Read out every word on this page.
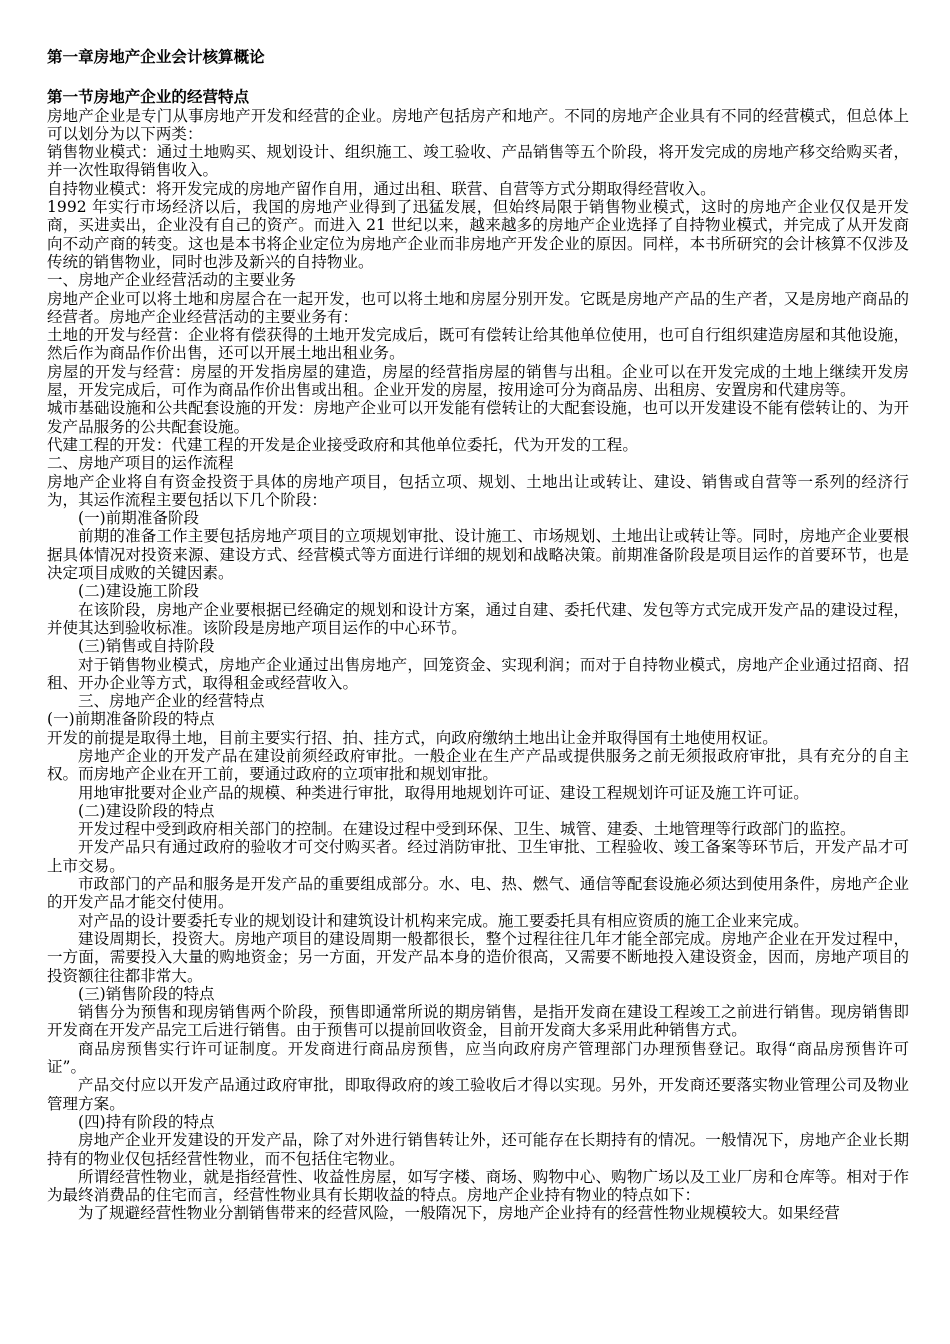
第一章房地产企业会计核算概论
第一节房地产企业的经营特点

房地产企业是专门从事房地产开发和经营的企业。房地产包括房产和地产。不同的房地产企业具有不同的经营模式，但总体上可以划分为以下两类：

销售物业模式：通过土地购买、规划设计、组织施工、竣工验收、产品销售等五个阶段，将开发完成的房地产移交给购买者，并一次性取得销售收入。

自持物业模式：将开发完成的房地产留作自用，通过出租、联营、自营等方式分期取得经营收入。

1992 年实行市场经济以后，我国的房地产业得到了迅猛发展，但始终局限于销售物业模式，这时的房地产企业仅仅是开发商，买进卖出，企业没有自己的资产。而进入 21 世纪以来，越来越多的房地产企业选择了自持物业模式，并完成了从开发商向不动产商的转变。这也是本书将企业定位为房地产企业而非房地产开发企业的原因。同样，本书所研究的会计核算不仅涉及传统的销售物业，同时也涉及新兴的自持物业。

一、房地产企业经营活动的主要业务

房地产企业可以将土地和房屋合在一起开发，也可以将土地和房屋分别开发。它既是房地产产品的生产者，又是房地产商品的经营者。房地产企业经营活动的主要业务有：

土地的开发与经营：企业将有偿获得的土地开发完成后，既可有偿转让给其他单位使用，也可自行组织建造房屋和其他设施，然后作为商品作价出售，还可以开展土地出租业务。

房屋的开发与经营：房屋的开发指房屋的建造，房屋的经营指房屋的销售与出租。企业可以在开发完成的土地上继续开发房屋，开发完成后，可作为商品作价出售或出租。企业开发的房屋，按用途可分为商品房、出租房、安置房和代建房等。

城市基础设施和公共配套设施的开发：房地产企业可以开发能有偿转让的大配套设施，也可以开发建设不能有偿转让的、为开发产品服务的公共配套设施。

代建工程的开发：代建工程的开发是企业接受政府和其他单位委托，代为开发的工程。

二、房地产项目的运作流程

房地产企业将自有资金投资于具体的房地产项目，包括立项、规划、土地出让或转让、建设、销售或自营等一系列的经济行为，其运作流程主要包括以下几个阶段：

(一)前期准备阶段

前期的准备工作主要包括房地产项目的立项规划审批、设计施工、市场规划、土地出让或转让等。同时，房地产企业要根据具体情况对投资来源、建设方式、经营模式等方面进行详细的规划和战略决策。前期准备阶段是项目运作的首要环节，也是决定项目成败的关键因素。

(二)建设施工阶段

在该阶段，房地产企业要根据已经确定的规划和设计方案，通过自建、委托代建、发包等方式完成开发产品的建设过程，并使其达到验收标准。该阶段是房地产项目运作的中心环节。

(三)销售或自持阶段

对于销售物业模式，房地产企业通过出售房地产，回笼资金、实现利润；而对于自持物业模式，房地产企业通过招商、招租、开办企业等方式，取得租金或经营收入。

三、房地产企业的经营特点

(一)前期准备阶段的特点

开发的前提是取得土地，目前主要实行招、拍、挂方式，向政府缴纳土地出让金并取得国有土地使用权证。

房地产企业的开发产品在建设前须经政府审批。一般企业在生产产品或提供服务之前无须报政府审批，具有充分的自主权。而房地产企业在开工前，要通过政府的立项审批和规划审批。

用地审批要对企业产品的规模、种类进行审批，取得用地规划许可证、建设工程规划许可证及施工许可证。

(二)建设阶段的特点

开发过程中受到政府相关部门的控制。在建设过程中受到环保、卫生、城管、建委、土地管理等行政部门的监控。

开发产品只有通过政府的验收才可交付购买者。经过消防审批、卫生审批、工程验收、竣工备案等环节后，开发产品才可上市交易。

市政部门的产品和服务是开发产品的重要组成部分。水、电、热、燃气、通信等配套设施必须达到使用条件，房地产企业的开发产品才能交付使用。

对产品的设计要委托专业的规划设计和建筑设计机构来完成。施工要委托具有相应资质的施工企业来完成。

建设周期长，投资大。房地产项目的建设周期一般都很长，整个过程往往几年才能全部完成。房地产企业在开发过程中，一方面，需要投入大量的购地资金；另一方面，开发产品本身的造价很高，又需要不断地投入建设资金，因而，房地产项目的投资额往往都非常大。

(三)销售阶段的特点

销售分为预售和现房销售两个阶段，预售即通常所说的期房销售，是指开发商在建设工程竣工之前进行销售。现房销售即开发商在开发产品完工后进行销售。由于预售可以提前回收资金，目前开发商大多采用此种销售方式。

商品房预售实行许可证制度。开发商进行商品房预售，应当向政府房产管理部门办理预售登记。取得“商品房预售许可证”。

产品交付应以开发产品通过政府审批，即取得政府的竣工验收后才得以实现。另外，开发商还要落实物业管理公司及物业管理方案。

(四)持有阶段的特点

房地产企业开发建设的开发产品，除了对外进行销售转让外，还可能存在长期持有的情况。一般情况下，房地产企业长期持有的物业仅包括经营性物业，而不包括住宅物业。

所谓经营性物业，就是指经营性、收益性房屋，如写字楼、商场、购物中心、购物广场以及工业厂房和仓库等。相对于作为最终消费品的住宅而言，经营性物业具有长期收益的特点。房地产企业持有物业的特点如下：

为了规避经营性物业分割销售带来的经营风险，一般隋况下，房地产企业持有的经营性物业规模较大。如果经营
